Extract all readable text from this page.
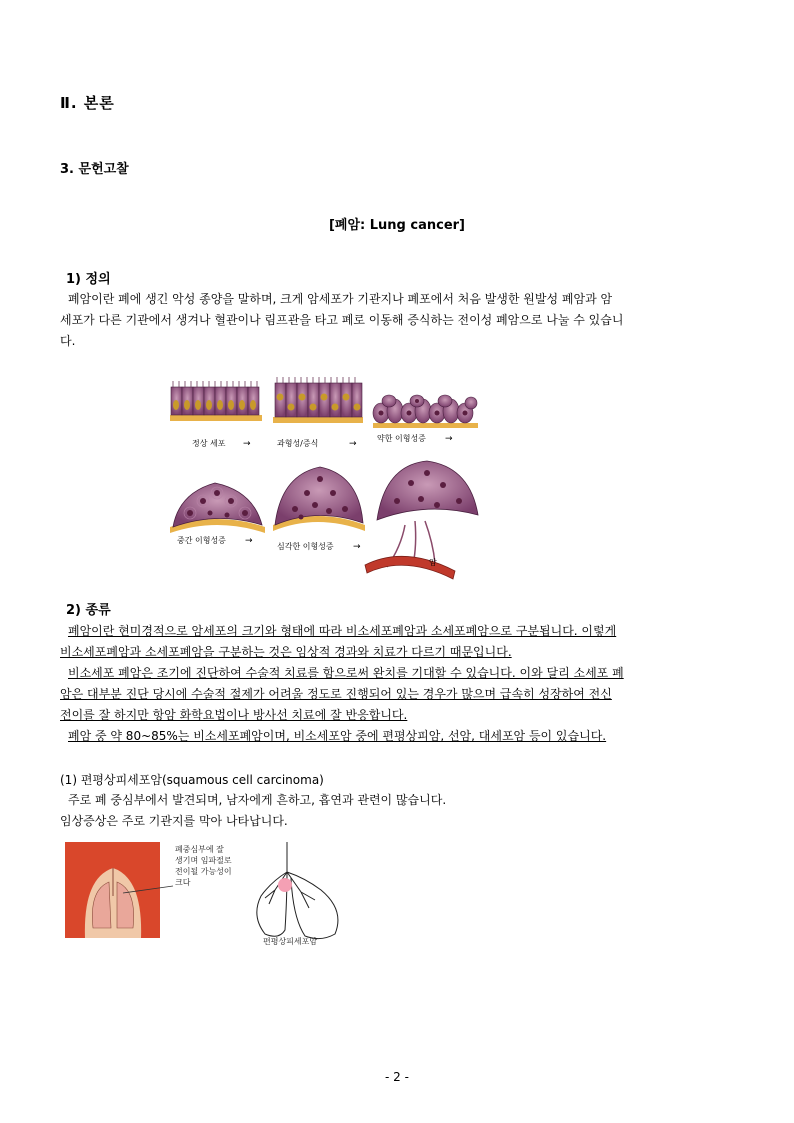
Ⅱ. 본론
3. 문헌고찰
[폐암: Lung cancer]
1) 정의
폐암이란 폐에 생긴 악성 종양을 말하며, 크게 암세포가 기관지나 폐포에서 처음 발생한 원발성 폐암과 암
세포가 다른 기관에서 생겨나 혈관이나 림프관을 타고 폐로 이동해 증식하는 전이성 폐암으로 나눌 수 있습니
다.
정상 세포 →	과형성/증식	→
약한 이형성증 →
중간 이형성증 →
심각한 이형성증 →
암
2) 종류
폐암이란 현미경적으로 암세포의 크기와 형태에 따라 비소세포폐암과 소세포폐암으로 구분됩니다. 이렇게
비소세포폐암과 소세포폐암을 구분하는 것은 임상적 경과와 치료가 다르기 때문입니다.
비소세포 폐암은 조기에 진단하여 수술적 치료를 함으로써 완치를 기대할 수 있습니다. 이와 달리 소세포 폐
암은 대부분 진단 당시에 수술적 절제가 어려울 정도로 진행되어 있는 경우가 많으며 급속히 성장하여 전신
전이를 잘 하지만 항암 화학요법이나 방사선 치료에 잘 반응합니다.
폐암 중 약 80~85%는 비소세포폐암이며, 비소세포암 중에 편평상피암, 선암, 대세포암 등이 있습니다.
(1) 편평상피세포암(squamous cell carcinoma)
주로 폐 중심부에서 발견되며, 남자에게 흔하고, 흡연과 관련이 많습니다.
임상증상은 주로 기관지를 막아 나타납니다.
폐중심부에 잘
생기며 임파절로
전이될 가능성이
크다
편평상피세포암
- 2 -
